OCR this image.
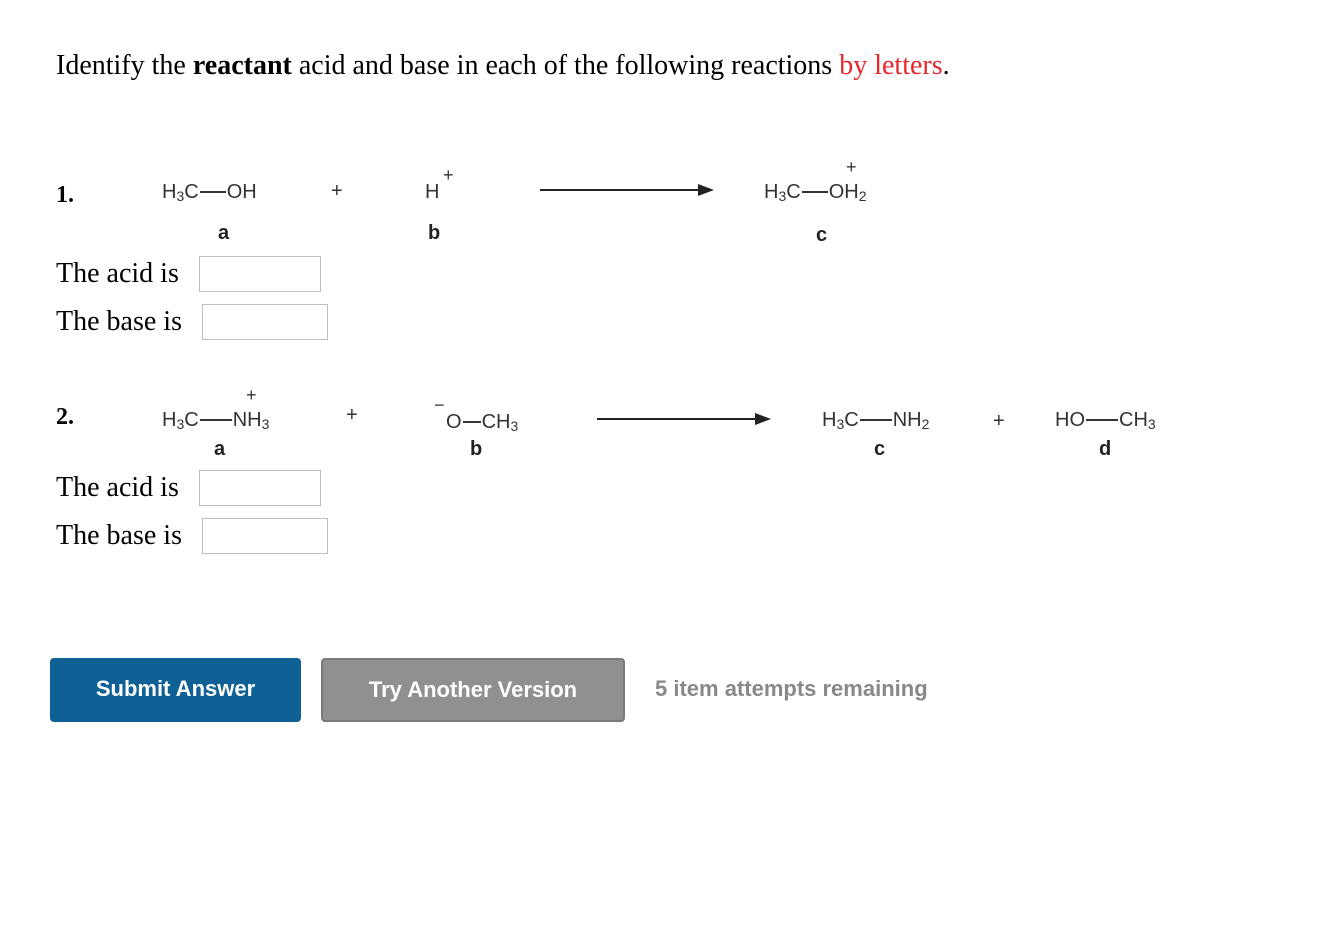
Identify the reactant acid and base in each of the following reactions by letters.
1.	$H_3C$ OH
a
+	H
+
b
$H_3C$ $OH_2$
+
c
The acid is
The base is
2.	$H_3C$ $NH_3$
+
a
+	O $CH_3$
−
b
$H_3C$ $NH_2$
c
+	HO $CH_3$
d
The acid is
The base is
Submit Answer	Try Another Version	5 item attempts remaining
